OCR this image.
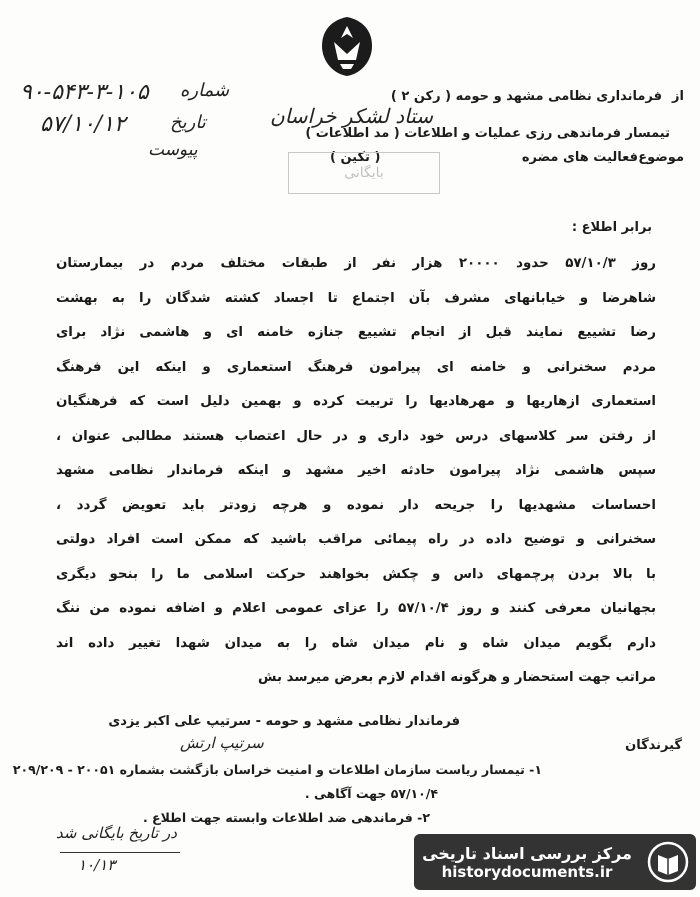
۹۰-۵۴۳-۳-۱۰۵ شماره
۵۷/۱۰/۱۲ تاریخ
پیوست
از
فرمانداری نظامی مشهد و حومه ( رکن ۲ )
ستاد لشکر خراسان
تیمسار فرماندهی رزی عملیات و اطلاعات ( مد اطلاعات )
موضوع
فعالیت های مضره
( تکین )
بایگانی
برابر اطلاع :
روز ۵۷/۱۰/۳ حدود ۲۰۰۰۰ هزار نفر از طبقات مختلف مردم در بیمارستان
شاهرضا و خیابانهای مشرف بآن اجتماع تا اجساد کشته شدگان را به بهشت
رضا تشییع نمایند قبل از انجام تشییع جنازه خامنه ای و هاشمی نژاد برای
مردم سخنرانی و خامنه ای پیرامون فرهنگ استعماری و اینکه این فرهنگ
استعماری ازهاریها و مهرهادیها را تربیت کرده و بهمین دلیل است که فرهنگیان
از رفتن سر کلاسهای درس خود داری و در حال اعتصاب هستند مطالبی عنوان ،
سپس هاشمی نژاد پیرامون حادثه اخیر مشهد و اینکه فرماندار نظامی مشهد
احساسات مشهدیها را جریحه دار نموده و هرچه زودتر باید تعویض گردد ،
سخنرانی و توضیح داده در راه پیمائی مراقب باشید که ممکن است افراد دولتی
با بالا بردن پرچمهای داس و چکش بخواهند حرکت اسلامی ما را بنحو دیگری
بجهانیان معرفی کنند و روز ۵۷/۱۰/۴ را عزای عمومی اعلام و اضافه نموده من ننگ
دارم بگویم میدان شاه و نام میدان شاه را به میدان شهدا تغییر داده اند
مراتب جهت استحضار و هرگونه اقدام لازم بعرض میرسد بش
فرماندار نظامی مشهد و حومه - سرتیپ علی اکبر یزدی
سرتیپ ارتش	گیرندگان
۱- تیمسار ریاست سازمان اطلاعات و امنیت خراسان بازگشت بشماره ۲۰۰۵۱ - ۲۰۹/۲۰۹
۵۷/۱۰/۴ جهت آگاهی .
۲- فرماندهی ضد اطلاعات وابسته جهت اطلاع .
در تاریخ بایگانی شد
۱۰/۱۳
مرکز بررسی اسناد تاریخی
historydocuments.ir
